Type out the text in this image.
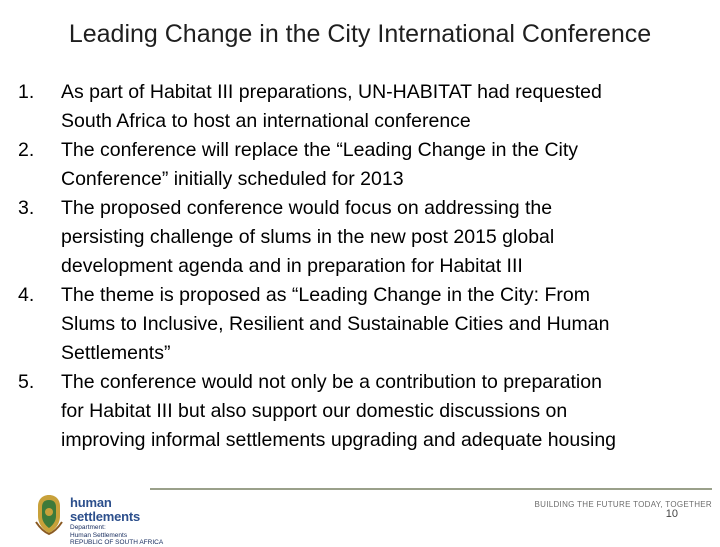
Leading Change in the City International Conference
1.	As part of Habitat III preparations, UN-HABITAT had requested
South Africa to host an international conference
2.	The conference will replace the “Leading Change in the City
Conference” initially scheduled for 2013
3.	The proposed conference would focus on addressing the
persisting challenge of slums in the new post 2015 global
development agenda and in preparation for Habitat III
4.	The theme is proposed as “Leading Change in the City: From
Slums to Inclusive, Resilient and Sustainable Cities and Human
Settlements”
5.	The conference would not only be a contribution to preparation
for Habitat III but also support our domestic discussions on
improving informal settlements upgrading and adequate housing
human settlements
Department:
Human Settlements
REPUBLIC OF SOUTH AFRICA
BUILDING THE FUTURE TODAY, TOGETHER
10
